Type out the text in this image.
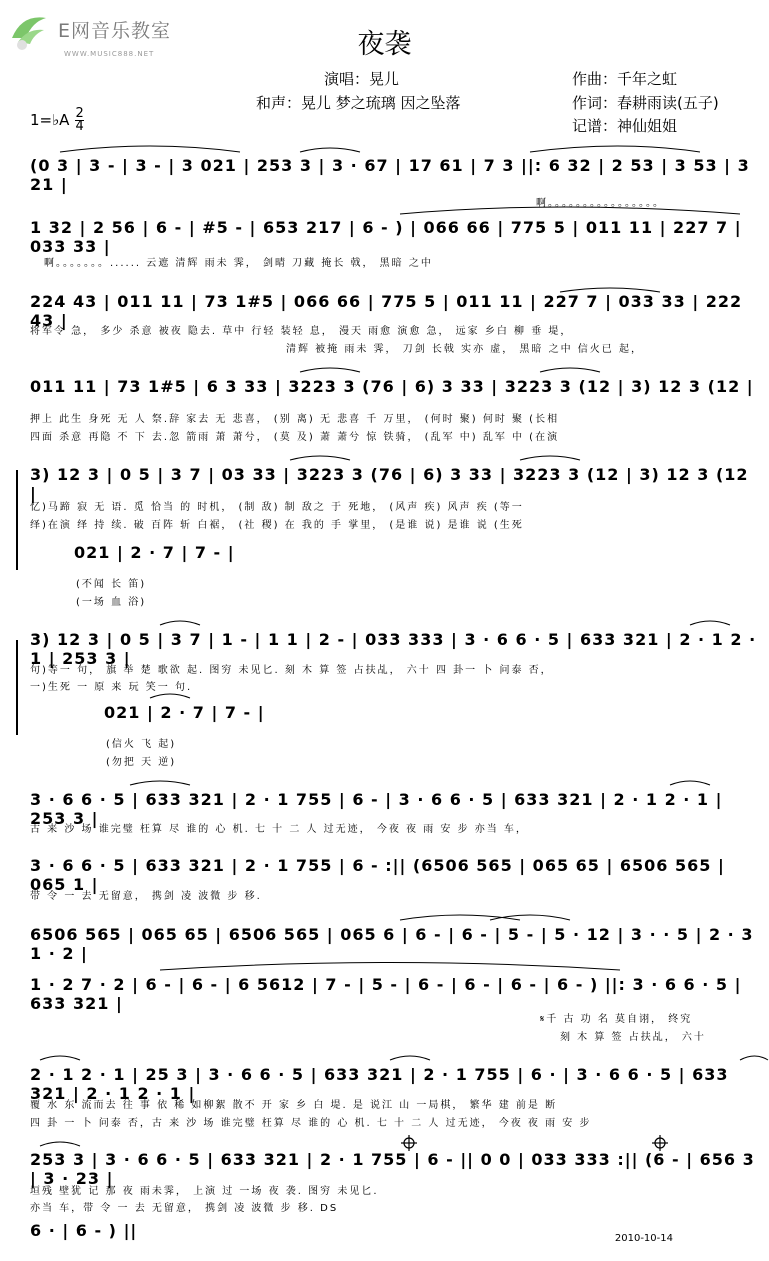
E网音乐教室
WWW.MUSIC888.NET	夜袭
演唱：晃儿
和声：晃儿 梦之琉璃 因之坠落
作曲：千年之虹
作词：春耕雨读(五子)
记谱：神仙姐姐
1=♭A $\frac{2}{4}$
(0 3 | 3 - | 3 - | 3 021 | 253 3 | 3 · 67 | 17 61 | 7 3 ||: 6 32 | 2 53 | 3 53 | 3 21 |
啊。。。。。。。。。。。。。。。。
1 32 | 2 56 | 6 - | #5 - | 653 217 | 6 - ) | 066 66 | 775 5 | 011 11 | 227 7 | 033 33 |
啊。。。。。。。...... 云遮 清辉 雨未 霁， 剑晴 刀藏 掩长 戟， 黑暗 之中
224 43 | 011 11 | 73 1#5 | 066 66 | 775 5 | 011 11 | 227 7 | 033 33 | 222 43 |
将军令 急， 多少 杀意 被夜 隐去. 草中 行轻 装轻 息， 漫天 雨愈 演愈 急， 远家 乡白 柳 垂 堤，
清辉 被掩 雨未 霁， 刀剑 长戟 实亦 虚， 黑暗 之中 信火已 起，
011 11 | 73 1#5 | 6 3 33 | 3223 3 (76 | 6) 3 33 | 3223 3 (12 | 3) 12 3 (12 |
押上 此生 身死 无 人 祭.辞 家去 无 悲喜， (别 离) 无 悲喜 千 万里， (何时 聚) 何时 聚 (长相
四面 杀意 再隐 不 下 去.忽 箭雨 萧 萧兮， (莫 及) 萧 萧兮 惊 铁骑， (乱军 中) 乱军 中 (在演
3) 12 3 | 0 5 | 3 7 | 03 33 | 3223 3 (76 | 6) 3 33 | 3223 3 (12 | 3) 12 3 (12 |
忆)马蹄 寂 无 语. 觅 恰当 的 时机， (制 敌) 制 敌之 于 死地， (风声 疾) 风声 疾 (等一
绎)在演 绎 持 续. 破 百阵 斩 白裾， (社 稷) 在 我的 手 掌里， (是谁 说) 是谁 说 (生死
021 | 2 · 7 | 7 - |
(不闻 长 笛)
(一场 血 浴)
3) 12 3 | 0 5 | 3 7 | 1 - | 1 1 | 2 - | 033 333 | 3 · 6 6 · 5 | 633 321 | 2 · 1 2 · 1 | 253 3 |
句)等一 句， 旗 举 楚 歌欲 起. 图穷 未见匕. 刻 木 算 签 占扶乩， 六十 四 卦一 卜 问泰 否，
一)生死 一 原 来 玩 笑一 句.
021 | 2 · 7 | 7 - |
(信火 飞 起)
(勿把 天 逆)
3 · 6 6 · 5 | 633 321 | 2 · 1 755 | 6 - | 3 · 6 6 · 5 | 633 321 | 2 · 1 2 · 1 | 253 3 |
古 来 沙 场 谁完璧 枉算 尽 谁的 心 机. 七 十 二 人 过无迹， 今夜 夜 雨 安 步 亦当 车，
3 · 6 6 · 5 | 633 321 | 2 · 1 755 | 6 - :|| (6506 565 | 065 65 | 6506 565 | 065 1 |
带 令 一 去 无留意， 携剑 凌 波微 步 移.
6506 565 | 065 65 | 6506 565 | 065 6 | 6 - | 6 - | 5 - | 5 · 12 | 3 · · 5 | 2 · 3 1 · 2 |
1 · 2 7 · 2 | 6 - | 6 - | 6 5612 | 7 - | 5 - | 6 - | 6 - | 6 - | 6 - ) ||: 3 · 6 6 · 5 | 633 321 |
𝄋千 古 功 名 莫自诩， 终究
刻 木 算 签 占扶乩， 六十
2 · 1 2 · 1 | 25 3 | 3 · 6 6 · 5 | 633 321 | 2 · 1 755 | 6 · | 3 · 6 6 · 5 | 633 321 | 2 · 1 2 · 1 |
覆 水 东 流而去 往 事 依 稀 如柳絮 散不 开 家 乡 白 堤. 是 说江 山 一局棋， 繁华 建 前是 断
四 卦 一 卜 问泰 否，古 来 沙 场 谁完璧 枉算 尽 谁的 心 机. 七 十 二 人 过无迹， 今夜 夜 雨 安 步
253 3 | 3 · 6 6 · 5 | 633 321 | 2 · 1 755 | 6 - || 0 0 | 033 333 :|| (6 - | 656 3 | 3 · 23 |
垣残 壁犹 记 那 夜 雨未霁， 上演 过 一场 夜 袭. 图穷 未见匕.
亦当 车，带 令 一 去 无留意， 携剑 凌 波微 步 移. DS
6 · | 6 - ) ||	2010-10-14
